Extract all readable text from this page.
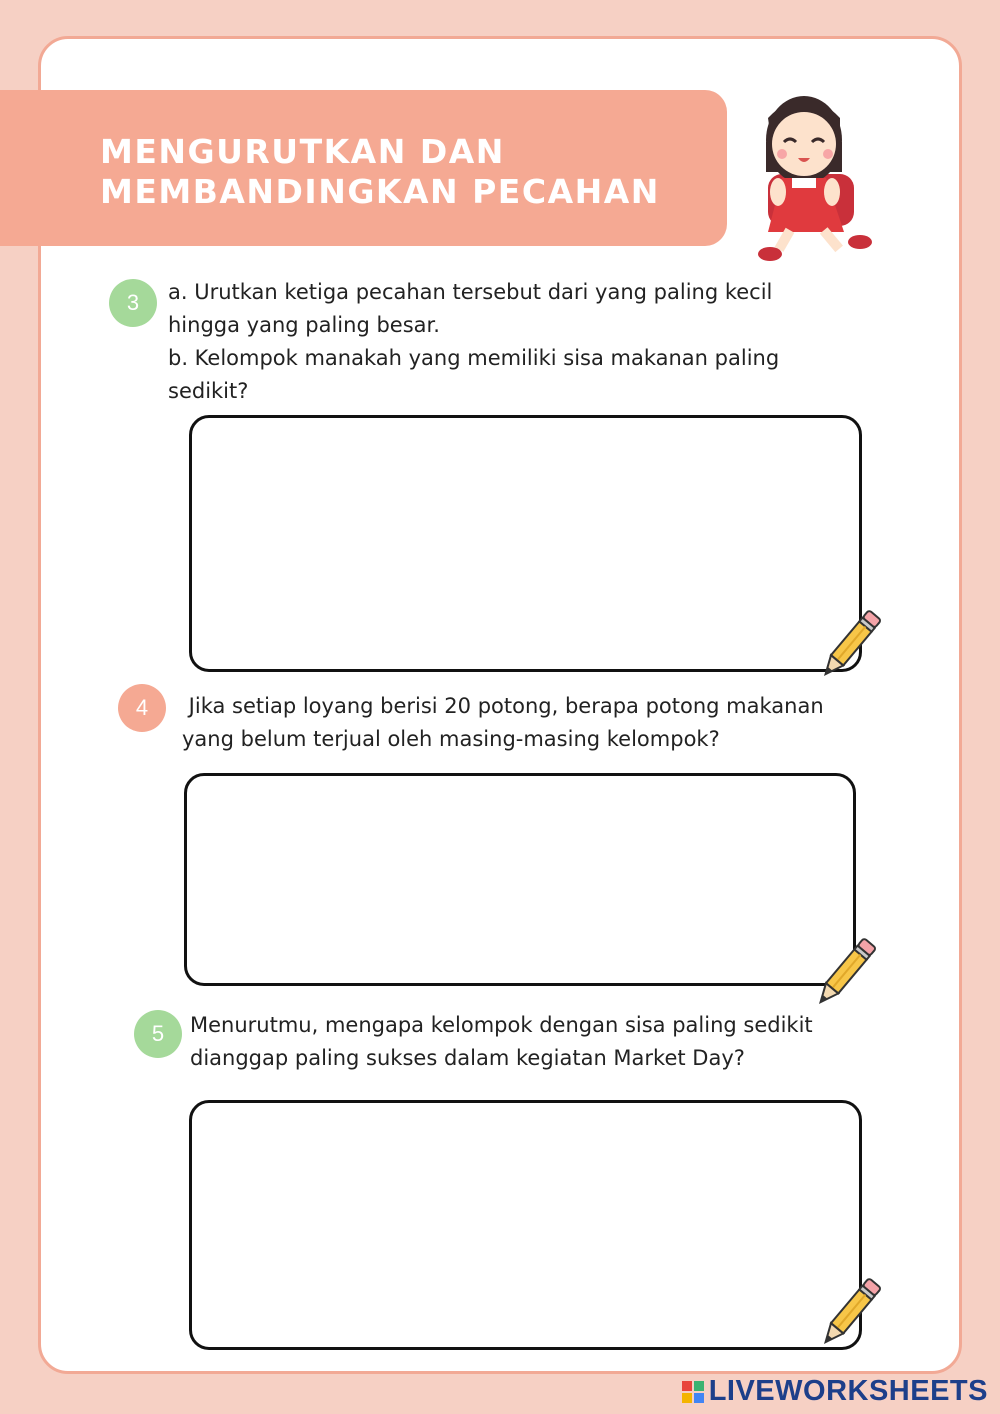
MENGURUTKAN DAN
MEMBANDINGKAN PECAHAN
3 a. Urutkan ketiga pecahan tersebut dari yang paling kecil
hingga yang paling besar.
b. Kelompok manakah yang memiliki sisa makanan paling
sedikit?
4 Jika setiap loyang berisi 20 potong, berapa potong makanan
yang belum terjual oleh masing-masing kelompok?
5 Menurutmu, mengapa kelompok dengan sisa paling sedikit
dianggap paling sukses dalam kegiatan Market Day?
LIVEWORKSHEETS
